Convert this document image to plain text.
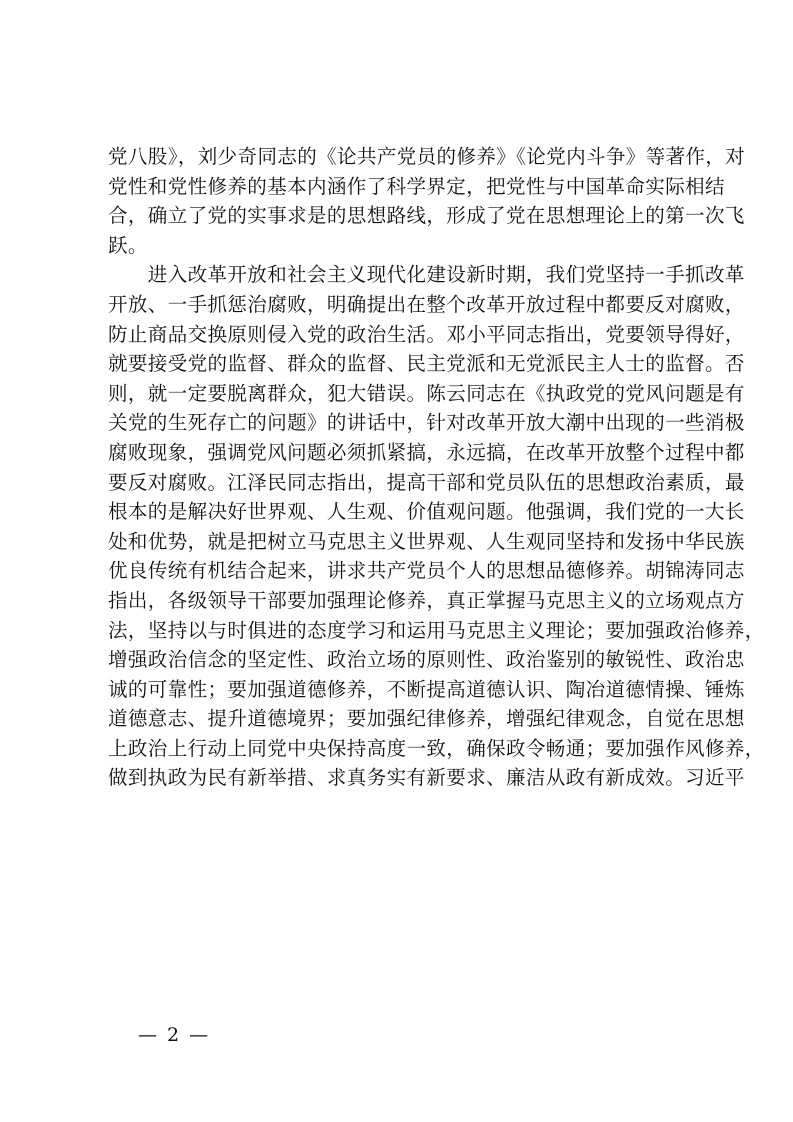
党八股》，刘少奇同志的《论共产党员的修养》《论党内斗争》等著作，对
党性和党性修养的基本内涵作了科学界定，把党性与中国革命实际相结
合，确立了党的实事求是的思想路线，形成了党在思想理论上的第一次飞
跃。

　　进入改革开放和社会主义现代化建设新时期，我们党坚持一手抓改革
开放、一手抓惩治腐败，明确提出在整个改革开放过程中都要反对腐败，
防止商品交换原则侵入党的政治生活。邓小平同志指出，党要领导得好，
就要接受党的监督、群众的监督、民主党派和无党派民主人士的监督。否
则，就一定要脱离群众，犯大错误。陈云同志在《执政党的党风问题是有
关党的生死存亡的问题》的讲话中，针对改革开放大潮中出现的一些消极
腐败现象，强调党风问题必须抓紧搞，永远搞，在改革开放整个过程中都
要反对腐败。江泽民同志指出，提高干部和党员队伍的思想政治素质，最
根本的是解决好世界观、人生观、价值观问题。他强调，我们党的一大长
处和优势，就是把树立马克思主义世界观、人生观同坚持和发扬中华民族
优良传统有机结合起来，讲求共产党员个人的思想品德修养。胡锦涛同志
指出，各级领导干部要加强理论修养，真正掌握马克思主义的立场观点方
法，坚持以与时俱进的态度学习和运用马克思主义理论；要加强政治修养，
增强政治信念的坚定性、政治立场的原则性、政治鉴别的敏锐性、政治忠
诚的可靠性；要加强道德修养，不断提高道德认识、陶冶道德情操、锤炼
道德意志、提升道德境界；要加强纪律修养，增强纪律观念，自觉在思想
上政治上行动上同党中央保持高度一致，确保政令畅通；要加强作风修养，
做到执政为民有新举措、求真务实有新要求、廉洁从政有新成效。习近平

— 2 —
